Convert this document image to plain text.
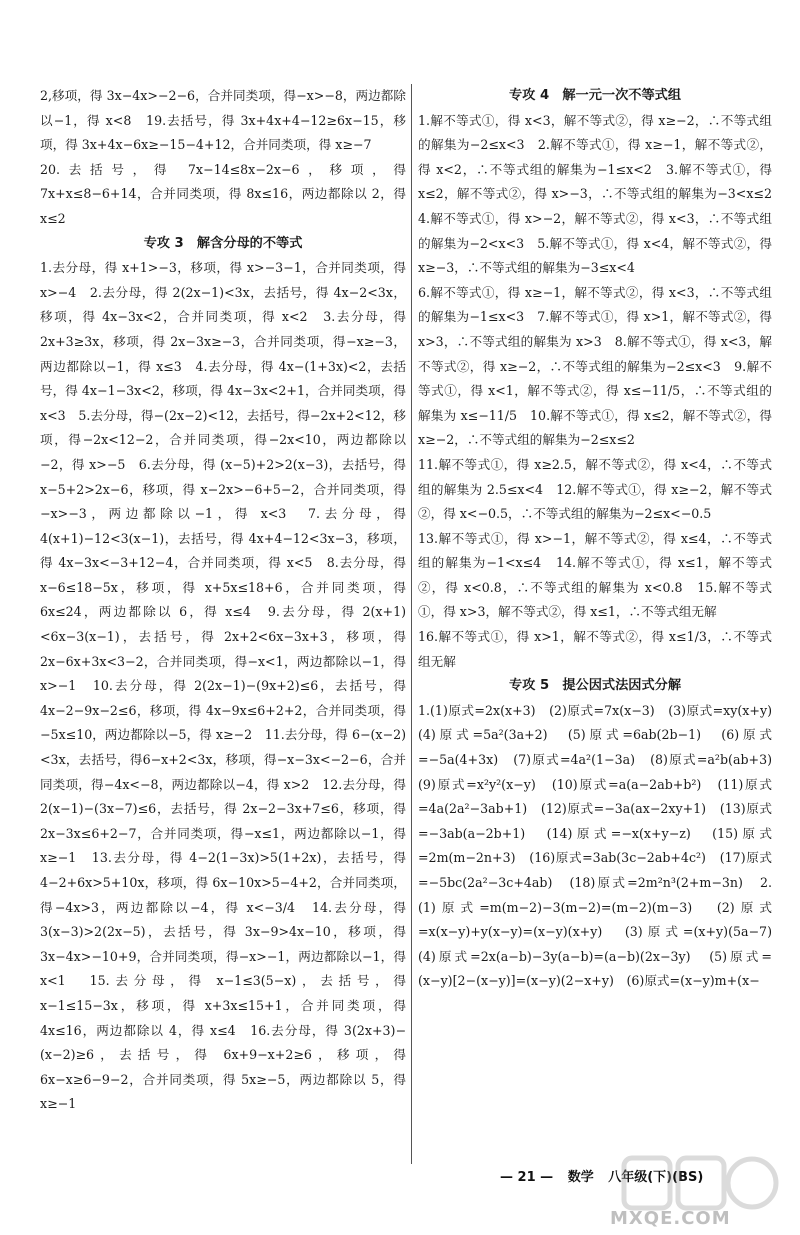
2,移项，得 3x−4x>−2−6，合并同类项，得−x>−8，两边都除以−1，得 x<8　19.去括号，得 3x+4x+4−12≥6x−15，移项，得 3x+4x−6x≥−15−4+12，合并同类项，得 x≥−7

20.去括号，得 7x−14≤8x−2x−6，移项，得 7x+x≤8−6+14，合并同类项，得 8x≤16，两边都除以 2，得 x≤2

专攻 3　解含分母的不等式

1.去分母，得 x+1>−3，移项，得 x>−3−1，合并同类项，得 x>−4　2.去分母，得 2(2x−1)<3x，去括号，得 4x−2<3x，移项，得 4x−3x<2，合并同类项，得 x<2　3.去分母，得2x+3≥3x，移项，得 2x−3x≥−3，合并同类项，得−x≥−3，两边都除以−1，得 x≤3　4.去分母，得 4x−(1+3x)<2，去括号，得 4x−1−3x<2，移项，得 4x−3x<2+1，合并同类项，得 x<3　5.去分母，得−(2x−2)<12，去括号，得−2x+2<12，移项，得−2x<12−2，合并同类项，得−2x<10，两边都除以−2，得 x>−5　6.去分母，得 (x−5)+2>2(x−3)，去括号，得 x−5+2>2x−6，移项，得 x−2x>−6+5−2，合并同类项，得−x>−3，两边都除以−1，得 x<3　7.去分母，得 4(x+1)−12<3(x−1)，去括号，得 4x+4−12<3x−3，移项，得 4x−3x<−3+12−4，合并同类项，得 x<5　8.去分母，得 x−6≤18−5x，移项，得 x+5x≤18+6，合并同类项，得 6x≤24，两边都除以 6，得 x≤4　9.去分母，得 2(x+1)<6x−3(x−1)，去括号，得 2x+2<6x−3x+3，移项，得 2x−6x+3x<3−2，合并同类项，得−x<1，两边都除以−1，得 x>−1　10.去分母，得 2(2x−1)−(9x+2)≤6，去括号，得 4x−2−9x−2≤6，移项，得 4x−9x≤6+2+2，合并同类项，得−5x≤10，两边都除以−5，得 x≥−2　11.去分母，得 6−(x−2)<3x，去括号，得6−x+2<3x，移项，得−x−3x<−2−6，合并同类项，得−4x<−8，两边都除以−4，得 x>2　12.去分母，得 2(x−1)−(3x−7)≤6，去括号，得 2x−2−3x+7≤6，移项，得 2x−3x≤6+2−7，合并同类项，得−x≤1，两边都除以−1，得 x≥−1　13.去分母，得 4−2(1−3x)>5(1+2x)，去括号，得 4−2+6x>5+10x，移项，得 6x−10x>5−4+2，合并同类项，得−4x>3，两边都除以−4，得 x<−3/4　14.去分母，得 3(x−3)>2(2x−5)，去括号，得 3x−9>4x−10，移项，得 3x−4x>−10+9，合并同类项，得−x>−1，两边都除以−1，得 x<1　15.去分母，得 x−1≤3(5−x)，去括号，得 x−1≤15−3x，移项，得 x+3x≤15+1，合并同类项，得 4x≤16，两边都除以 4，得 x≤4　16.去分母，得 3(2x+3)−(x−2)≥6，去括号，得 6x+9−x+2≥6，移项，得 6x−x≥6−9−2，合并同类项，得 5x≥−5，两边都除以 5，得 x≥−1

专攻 4　解一元一次不等式组

1.解不等式①，得 x<3，解不等式②，得 x≥−2，∴不等式组的解集为−2≤x<3　2.解不等式①，得 x≥−1，解不等式②，得 x<2，∴不等式组的解集为−1≤x<2　3.解不等式①，得 x≤2，解不等式②，得 x>−3，∴不等式组的解集为−3<x≤2　4.解不等式①，得 x>−2，解不等式②，得 x<3，∴不等式组的解集为−2<x<3　5.解不等式①，得 x<4，解不等式②，得 x≥−3，∴不等式组的解集为−3≤x<4

6.解不等式①，得 x≥−1，解不等式②，得 x<3，∴不等式组的解集为−1≤x<3　7.解不等式①，得 x>1，解不等式②，得 x>3，∴不等式组的解集为 x>3　8.解不等式①，得 x<3，解不等式②，得 x≥−2，∴不等式组的解集为−2≤x<3　9.解不等式①，得 x<1，解不等式②，得 x≤−11/5，∴不等式组的解集为 x≤−11/5　10.解不等式①，得 x≤2，解不等式②，得 x≥−2，∴不等式组的解集为−2≤x≤2

11.解不等式①，得 x≥2.5，解不等式②，得 x<4，∴不等式组的解集为 2.5≤x<4　12.解不等式①，得 x≥−2，解不等式②，得 x<−0.5，∴不等式组的解集为−2≤x<−0.5

13.解不等式①，得 x>−1，解不等式②，得 x≤4，∴不等式组的解集为−1<x≤4　14.解不等式①，得 x≤1，解不等式②，得 x<0.8，∴不等式组的解集为 x<0.8　15.解不等式①，得 x>3，解不等式②，得 x≤1，∴不等式组无解

16.解不等式①，得 x>1，解不等式②，得 x≤1/3，∴不等式组无解

专攻 5　提公因式法因式分解

1.(1)原式=2x(x+3)　(2)原式=7x(x−3)　(3)原式=xy(x+y)　(4)原式=5a²(3a+2)　(5)原式=6ab(2b−1)　(6)原式=−5a(4+3x)　(7)原式=4a²(1−3a)　(8)原式=a²b(ab+3)　(9)原式=x²y²(x−y)　(10)原式=a(a−2ab+b²)　(11)原式=4a(2a²−3ab+1)　(12)原式=−3a(ax−2xy+1)　(13)原式=−3ab(a−2b+1)　(14)原式=−x(x+y−z)　(15)原式=2m(m−2n+3)　(16)原式=3ab(3c−2ab+4c²)　(17)原式=−5bc(2a²−3c+4ab)　(18)原式=2m²n³(2+m−3n)　2.(1)原式=m(m−2)−3(m−2)=(m−2)(m−3)　(2)原式=x(x−y)+y(x−y)=(x−y)(x+y)　(3)原式=(x+y)(5a−7)　(4)原式=2x(a−b)−3y(a−b)=(a−b)(2x−3y)　(5)原式=(x−y)[2−(x−y)]=(x−y)(2−x+y)　(6)原式=(x−y)m+(x−

— 21 — 数学 八年级(下)(BS)
MXQE.COM
